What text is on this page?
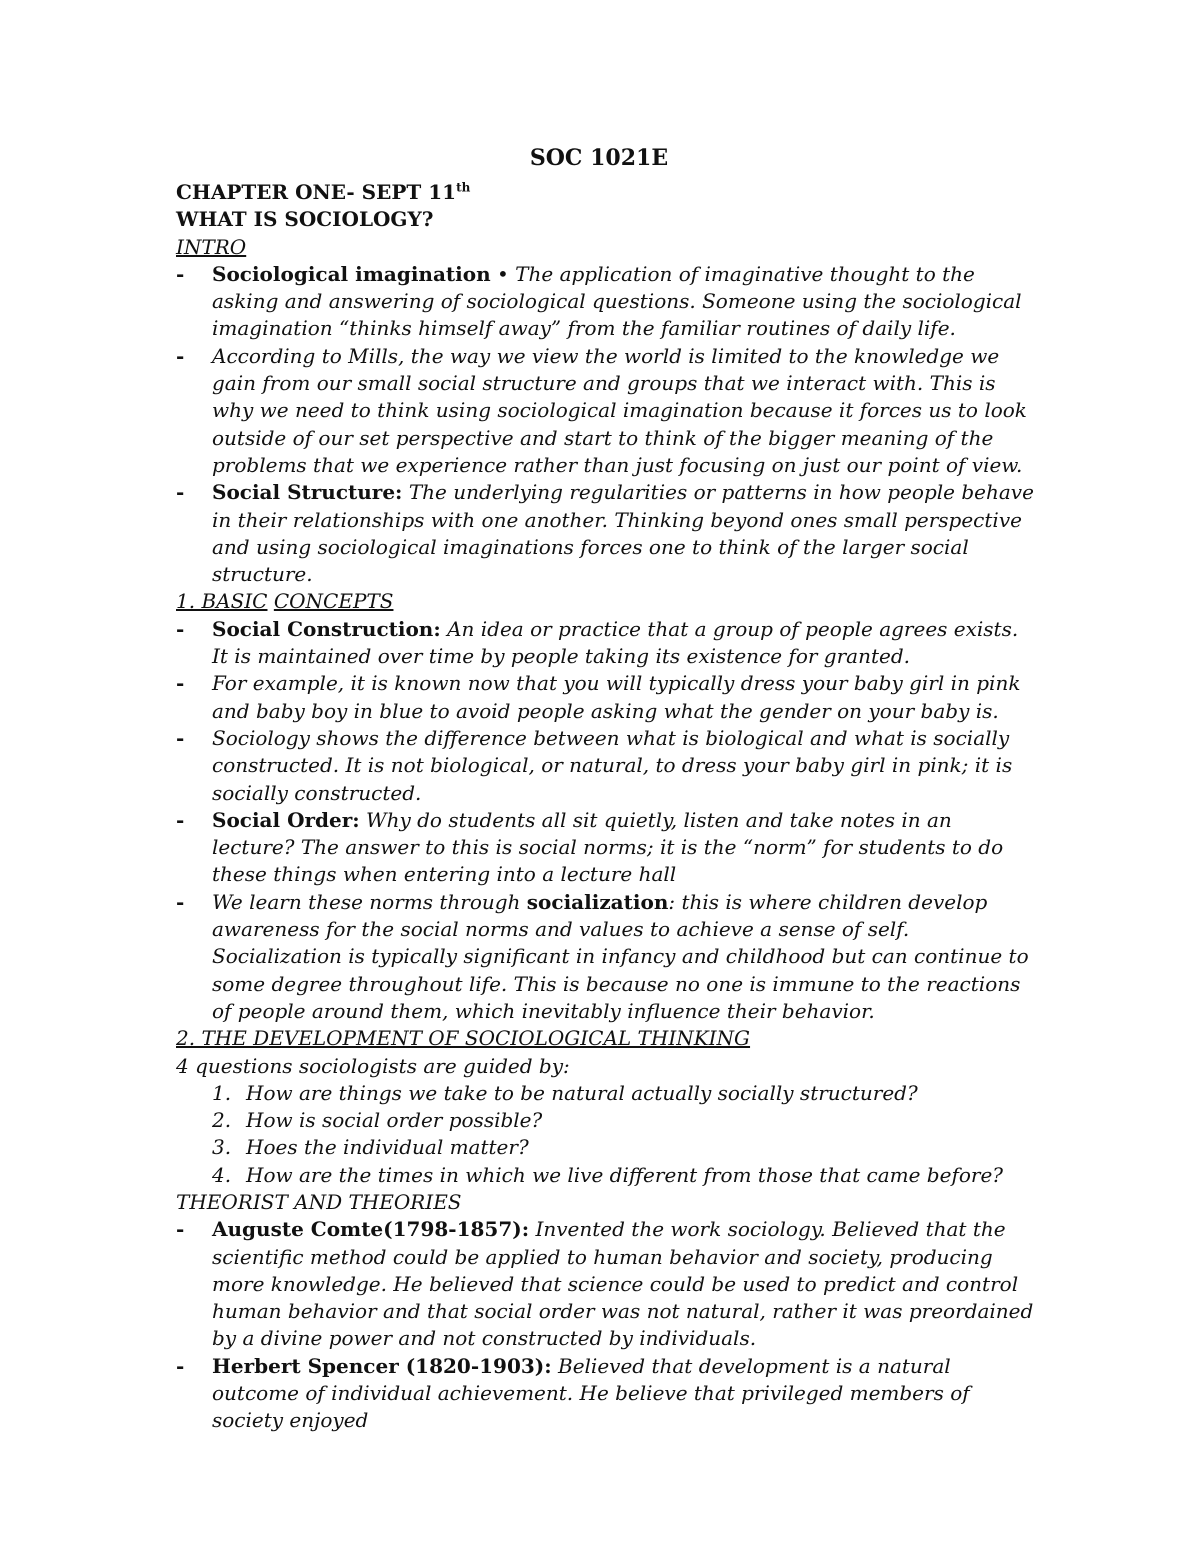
SOC 1021E

CHAPTER ONE- SEPT 11th

WHAT IS SOCIOLOGY?

INTRO

- Sociological imagination • The application of imaginative thought to the asking and answering of sociological questions. Someone using the sociological imagination “thinks himself away” from the familiar routines of daily life.
- According to Mills, the way we view the world is limited to the knowledge we gain from our small social structure and groups that we interact with. This is why we need to think using sociological imagination because it forces us to look outside of our set perspective and start to think of the bigger meaning of the problems that we experience rather than just focusing on just our point of view.
- Social Structure: The underlying regularities or patterns in how people behave in their relationships with one another. Thinking beyond ones small perspective and using sociological imaginations forces one to think of the larger social structure.

1. BASIC CONCEPTS

- Social Construction: An idea or practice that a group of people agrees exists. It is maintained over time by people taking its existence for granted.
- For example, it is known now that you will typically dress your baby girl in pink and baby boy in blue to avoid people asking what the gender on your baby is.
- Sociology shows the difference between what is biological and what is socially constructed. It is not biological, or natural, to dress your baby girl in pink; it is socially constructed.
- Social Order: Why do students all sit quietly, listen and take notes in an lecture? The answer to this is social norms; it is the “norm” for students to do these things when entering into a lecture hall
- We learn these norms through socialization: this is where children develop awareness for the social norms and values to achieve a sense of self. Socialization is typically significant in infancy and childhood but can continue to some degree throughout life. This is because no one is immune to the reactions of people around them, which inevitably influence their behavior.

2. THE DEVELOPMENT OF SOCIOLOGICAL THINKING

4 questions sociologists are guided by:

1. How are things we take to be natural actually socially structured?
2. How is social order possible?
3. Hoes the individual matter?
4. How are the times in which we live different from those that came before?

THEORIST AND THEORIES

- Auguste Comte(1798-1857): Invented the work sociology. Believed that the scientific method could be applied to human behavior and society, producing more knowledge. He believed that science could be used to predict and control human behavior and that social order was not natural, rather it was preordained by a divine power and not constructed by individuals.
- Herbert Spencer (1820-1903): Believed that development is a natural outcome of individual achievement. He believe that privileged members of society enjoyed
